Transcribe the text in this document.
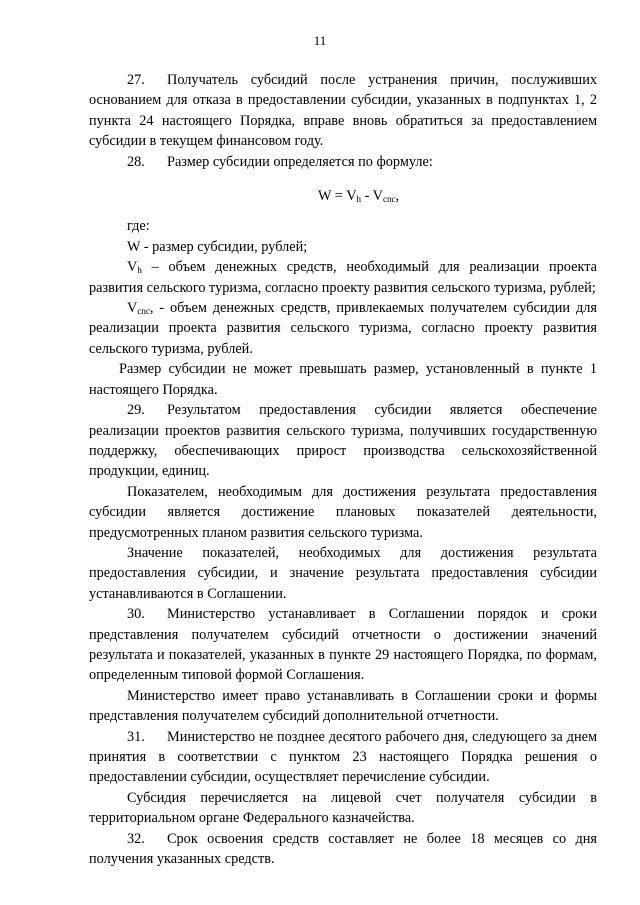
11

27. Получатель субсидий после устранения причин, послуживших основанием для отказа в предоставлении субсидии, указанных в подпунктах 1, 2 пункта 24 настоящего Порядка, вправе вновь обратиться за предоставлением субсидии в текущем финансовом году.

28. Размер субсидии определяется по формуле:

$W = V_h - V_{cnc}$,

где:

W - размер субсидии, рублей;

$V_h$ – объем денежных средств, необходимый для реализации проекта развития сельского туризма, согласно проекту развития сельского туризма, рублей;

$V_{cnc}$, - объем денежных средств, привлекаемых получателем субсидии для реализации проекта развития сельского туризма, согласно проекту развития сельского туризма, рублей.

Размер субсидии не может превышать размер, установленный в пункте 1 настоящего Порядка.

29. Результатом предоставления субсидии является обеспечение реализации проектов развития сельского туризма, получивших государственную поддержку, обеспечивающих прирост производства сельскохозяйственной продукции, единиц.

Показателем, необходимым для достижения результата предоставления субсидии является достижение плановых показателей деятельности, предусмотренных планом развития сельского туризма.

Значение показателей, необходимых для достижения результата предоставления субсидии, и значение результата предоставления субсидии устанавливаются в Соглашении.

30. Министерство устанавливает в Соглашении порядок и сроки представления получателем субсидий отчетности о достижении значений результата и показателей, указанных в пункте 29 настоящего Порядка, по формам, определенным типовой формой Соглашения.

Министерство имеет право устанавливать в Соглашении сроки и формы представления получателем субсидий дополнительной отчетности.

31. Министерство не позднее десятого рабочего дня, следующего за днем принятия в соответствии с пунктом 23 настоящего Порядка решения о предоставлении субсидии, осуществляет перечисление субсидии.

Субсидия перечисляется на лицевой счет получателя субсидии в территориальном органе Федерального казначейства.

32. Срок освоения средств составляет не более 18 месяцев со дня получения указанных средств.
